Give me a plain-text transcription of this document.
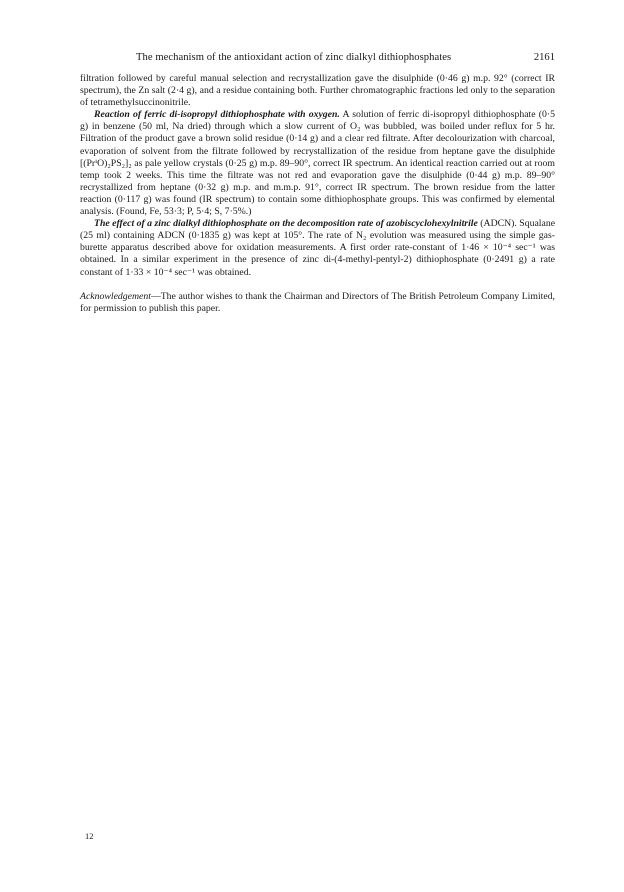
The mechanism of the antioxidant action of zinc dialkyl dithiophosphates	2161

filtration followed by careful manual selection and recrystallization gave the disulphide (0·46 g) m.p. 92° (correct IR spectrum), the Zn salt (2·4 g), and a residue containing both. Further chromatographic fractions led only to the separation of tetramethylsuccinonitrile.

Reaction of ferric di-isopropyl dithiophosphate with oxygen. A solution of ferric di-isopropyl dithiophosphate (0·5 g) in benzene (50 ml, Na dried) through which a slow current of O₂ was bubbled, was boiled under reflux for 5 hr. Filtration of the product gave a brown solid residue (0·14 g) and a clear red filtrate. After decolourization with charcoal, evaporation of solvent from the filtrate followed by recrystallization of the residue from heptane gave the disulphide [(PrⁱO)₂PS₂]₂ as pale yellow crystals (0·25 g) m.p. 89–90°, correct IR spectrum. An identical reaction carried out at room temp took 2 weeks. This time the filtrate was not red and evaporation gave the disulphide (0·44 g) m.p. 89–90° recrystallized from heptane (0·32 g) m.p. and m.m.p. 91°, correct IR spectrum. The brown residue from the latter reaction (0·117 g) was found (IR spectrum) to contain some dithiophosphate groups. This was confirmed by elemental analysis. (Found, Fe, 53·3; P, 5·4; S, 7·5%.)

The effect of a zinc dialkyl dithiophosphate on the decomposition rate of azobiscyclohexylnitrile (ADCN). Squalane (25 ml) containing ADCN (0·1835 g) was kept at 105°. The rate of N₂ evolution was measured using the simple gas-burette apparatus described above for oxidation measurements. A first order rate-constant of 1·46 × 10⁻⁴ sec⁻¹ was obtained. In a similar experiment in the presence of zinc di-(4-methyl-pentyl-2) dithiophosphate (0·2491 g) a rate constant of 1·33 × 10⁻⁴ sec⁻¹ was obtained.

Acknowledgement—The author wishes to thank the Chairman and Directors of The British Petroleum Company Limited, for permission to publish this paper.

12
